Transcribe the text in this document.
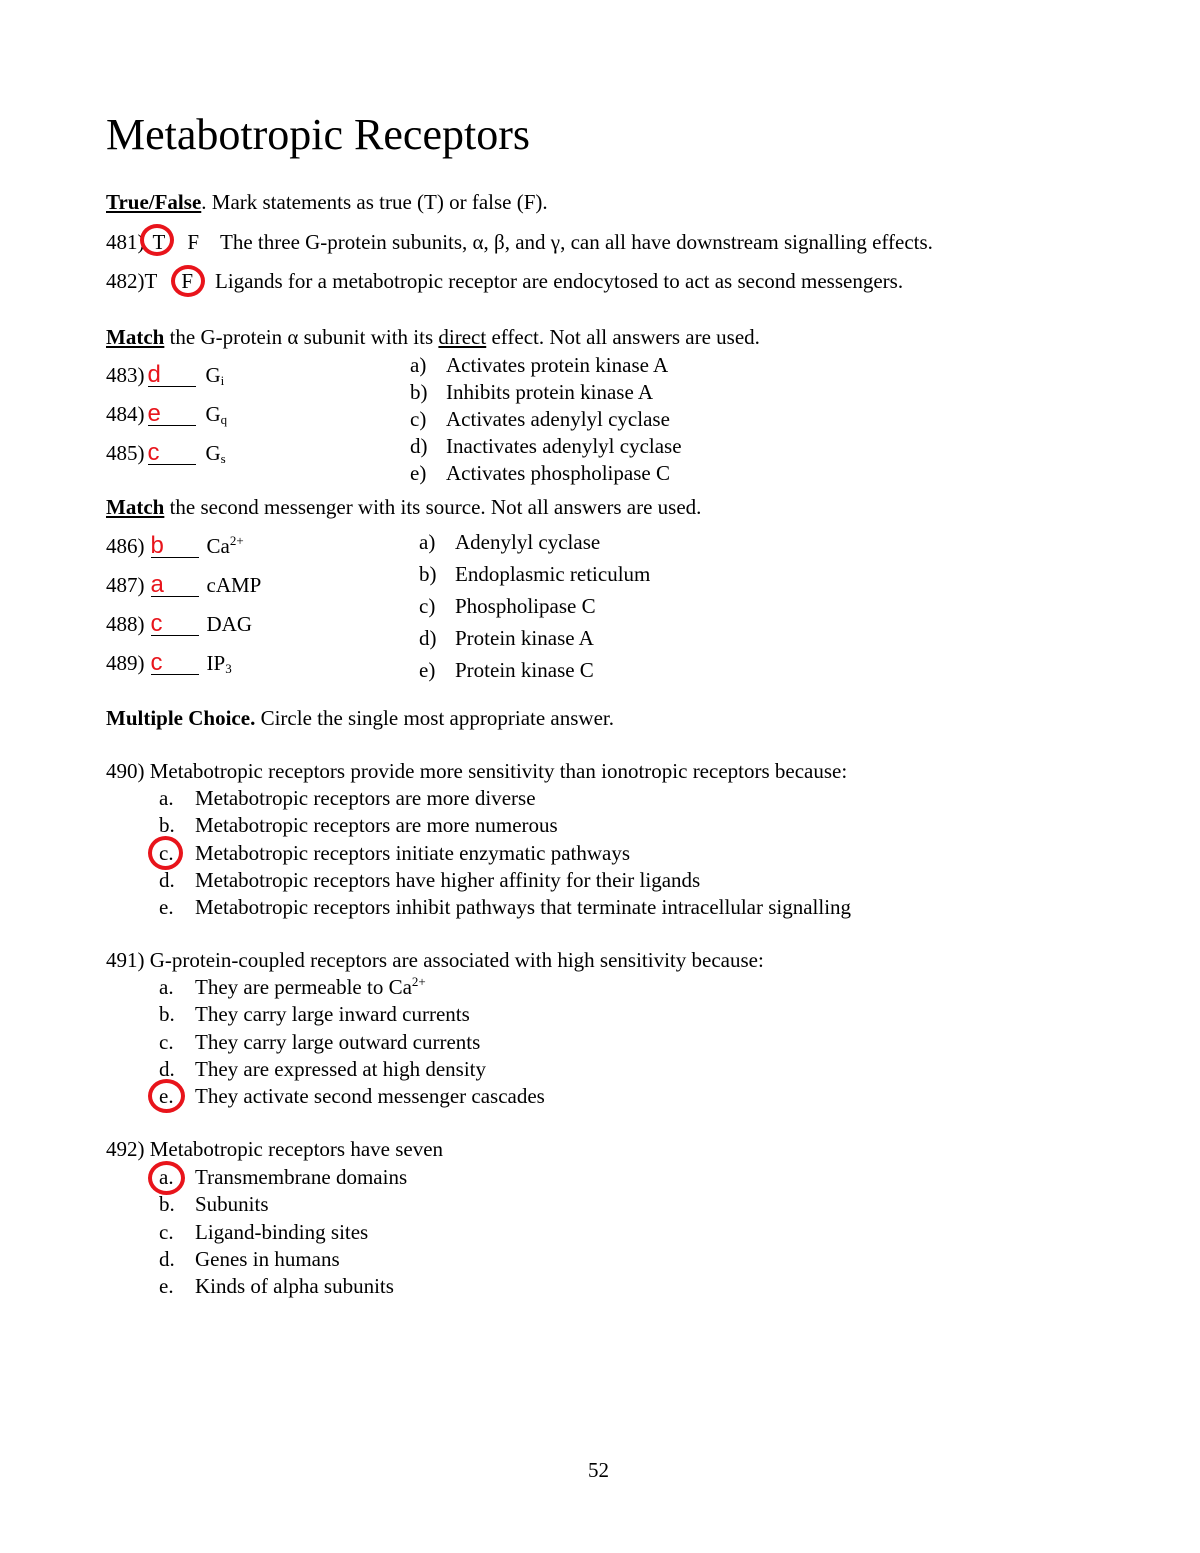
Metabotropic Receptors
True/False. Mark statements as true (T) or false (F).
481) T F The three G-protein subunits, α, β, and γ, can all have downstream signalling effects.
482)T F Ligands for a metabotropic receptor are endocytosed to act as second messengers.
Match the G-protein α subunit with its direct effect. Not all answers are used.
483) d $G_i$
484) e $G_q$
485) c $G_s$
a) Activates protein kinase A
b) Inhibits protein kinase A
c) Activates adenylyl cyclase
d) Inactivates adenylyl cyclase
e) Activates phospholipase C
Match the second messenger with its source. Not all answers are used.
486) b $Ca^{2+}$
487) a cAMP
488) c DAG
489) c $IP_3$
a) Adenylyl cyclase
b) Endoplasmic reticulum
c) Phospholipase C
d) Protein kinase A
e) Protein kinase C
Multiple Choice. Circle the single most appropriate answer.
490) Metabotropic receptors provide more sensitivity than ionotropic receptors because:
a. Metabotropic receptors are more diverse
b. Metabotropic receptors are more numerous
c. Metabotropic receptors initiate enzymatic pathways
d. Metabotropic receptors have higher affinity for their ligands
e. Metabotropic receptors inhibit pathways that terminate intracellular signalling
491) G-protein-coupled receptors are associated with high sensitivity because:
a. They are permeable to $Ca^{2+}$
b. They carry large inward currents
c. They carry large outward currents
d. They are expressed at high density
e. They activate second messenger cascades
492) Metabotropic receptors have seven
a. Transmembrane domains
b. Subunits
c. Ligand-binding sites
d. Genes in humans
e. Kinds of alpha subunits
52
